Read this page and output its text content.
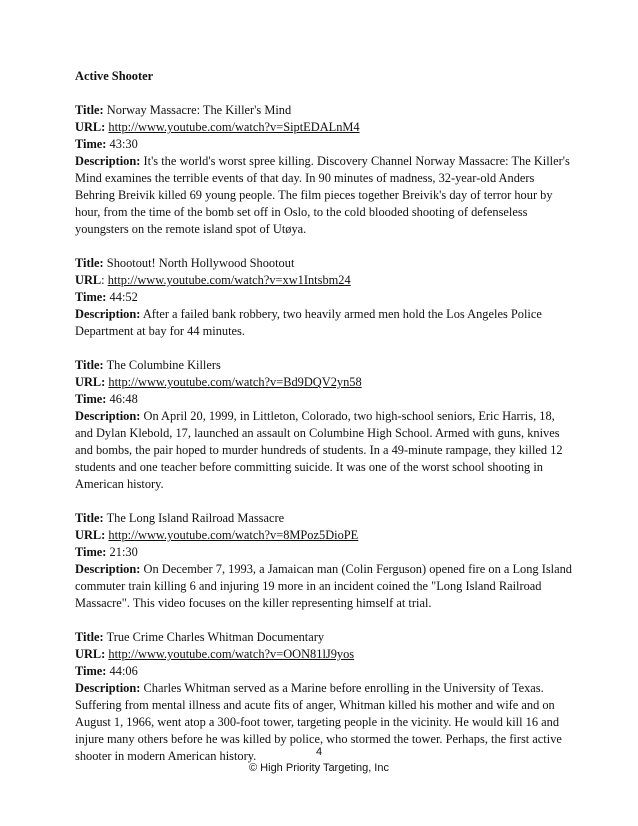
Active Shooter

Title: Norway Massacre: The Killer's Mind

URL: http://www.youtube.com/watch?v=SiptEDALnM4

Time: 43:30

Description: It's the world's worst spree killing. Discovery Channel Norway Massacre: The Killer's Mind examines the terrible events of that day. In 90 minutes of madness, 32-year-old Anders Behring Breivik killed 69 young people. The film pieces together Breivik's day of terror hour by hour, from the time of the bomb set off in Oslo, to the cold blooded shooting of defenseless youngsters on the remote island spot of Utøya.

Title: Shootout! North Hollywood Shootout

URL: http://www.youtube.com/watch?v=xw1Intsbm24

Time: 44:52

Description: After a failed bank robbery, two heavily armed men hold the Los Angeles Police Department at bay for 44 minutes.

Title: The Columbine Killers

URL: http://www.youtube.com/watch?v=Bd9DQV2yn58

Time: 46:48

Description: On April 20, 1999, in Littleton, Colorado, two high-school seniors, Eric Harris, 18, and Dylan Klebold, 17, launched an assault on Columbine High School. Armed with guns, knives and bombs, the pair hoped to murder hundreds of students. In a 49-minute rampage, they killed 12 students and one teacher before committing suicide. It was one of the worst school shooting in American history.

Title: The Long Island Railroad Massacre

URL: http://www.youtube.com/watch?v=8MPoz5DioPE

Time: 21:30

Description: On December 7, 1993, a Jamaican man (Colin Ferguson) opened fire on a Long Island commuter train killing 6 and injuring 19 more in an incident coined the "Long Island Railroad Massacre". This video focuses on the killer representing himself at trial.

Title: True Crime Charles Whitman Documentary

URL: http://www.youtube.com/watch?v=OON81lJ9yos

Time: 44:06

Description: Charles Whitman served as a Marine before enrolling in the University of Texas. Suffering from mental illness and acute fits of anger, Whitman killed his mother and wife and on August 1, 1966, went atop a 300-foot tower, targeting people in the vicinity. He would kill 16 and injure many others before he was killed by police, who stormed the tower. Perhaps, the first active shooter in modern American history.	4
© High Priority Targeting, Inc
